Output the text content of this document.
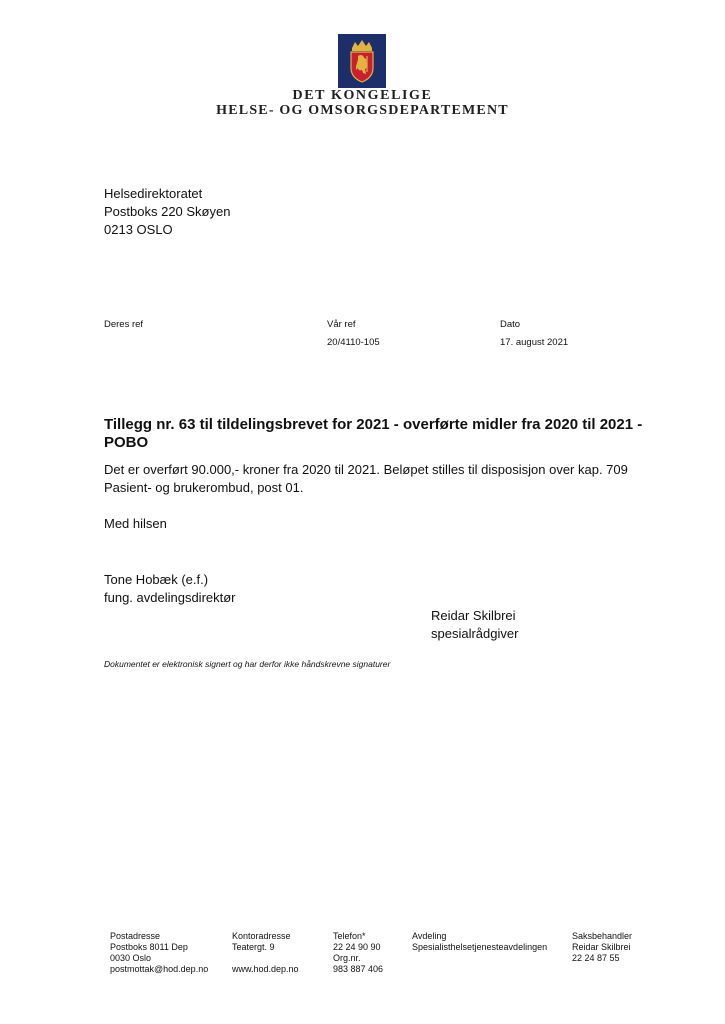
DET KONGELIGE
HELSE- OG OMSORGSDEPARTEMENT
Helsedirektoratet
Postboks 220 Skøyen
0213 OSLO
Deres ref	Vår ref
20/4110-105
Dato
17. august 2021
Tillegg nr. 63 til tildelingsbrevet for 2021 - overførte midler fra 2020 til 2021 - POBO
Det er overført 90.000,- kroner fra 2020 til 2021. Beløpet stilles til disposisjon over kap. 709 Pasient- og brukerombud, post 01.
Med hilsen
Tone Hobæk (e.f.)
fung. avdelingsdirektør
Reidar Skilbrei
spesialrådgiver
Dokumentet er elektronisk signert og har derfor ikke håndskrevne signaturer
Postadresse
Postboks 8011 Dep
0030 Oslo
postmottak@hod.dep.no
Kontoradresse
Teatergt. 9
www.hod.dep.no
Telefon*
22 24 90 90
Org.nr.
983 887 406
Avdeling
Spesialisthelsetjenesteavdelingen
Saksbehandler
Reidar Skilbrei
22 24 87 55
